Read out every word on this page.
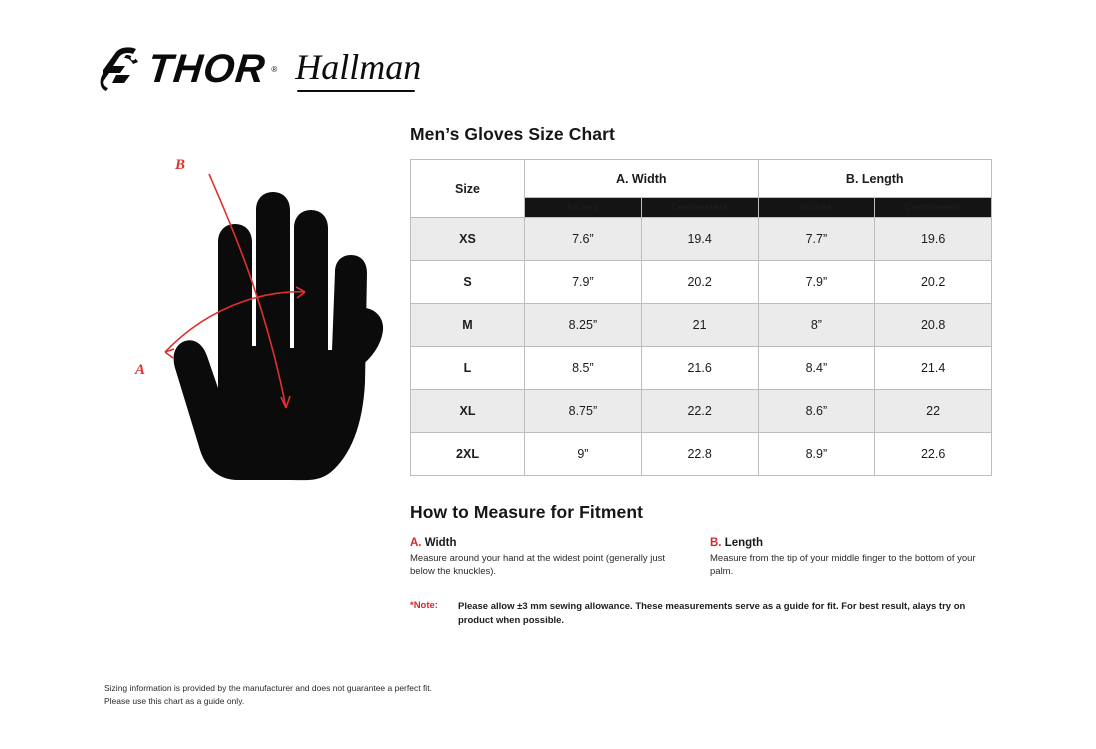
THOR ® Hallman
A
B
Men’s Gloves Size Chart
Size	A. Width		B. Length	
	Inches	Centimeters	Inches	Centimeters
XS	7.6”	19.4	7.7”	19.6
S	7.9”	20.2	7.9”	20.2
M	8.25”	21	8”	20.8
L	8.5”	21.6	8.4”	21.4
XL	8.75”	22.2	8.6”	22
2XL	9”	22.8	8.9”	22.6
How to Measure for Fitment
A. Width
Measure around your hand at the widest point (generally just below the knuckles).
B. Length
Measure from the tip of your middle finger to the bottom of your palm.
*Note:	Please allow ±3 mm sewing allowance. These measurements serve as a guide for fit. For best result, alays try on product when possible.
Sizing information is provided by the manufacturer and does not guarantee a perfect fit.
Please use this chart as a guide only.
